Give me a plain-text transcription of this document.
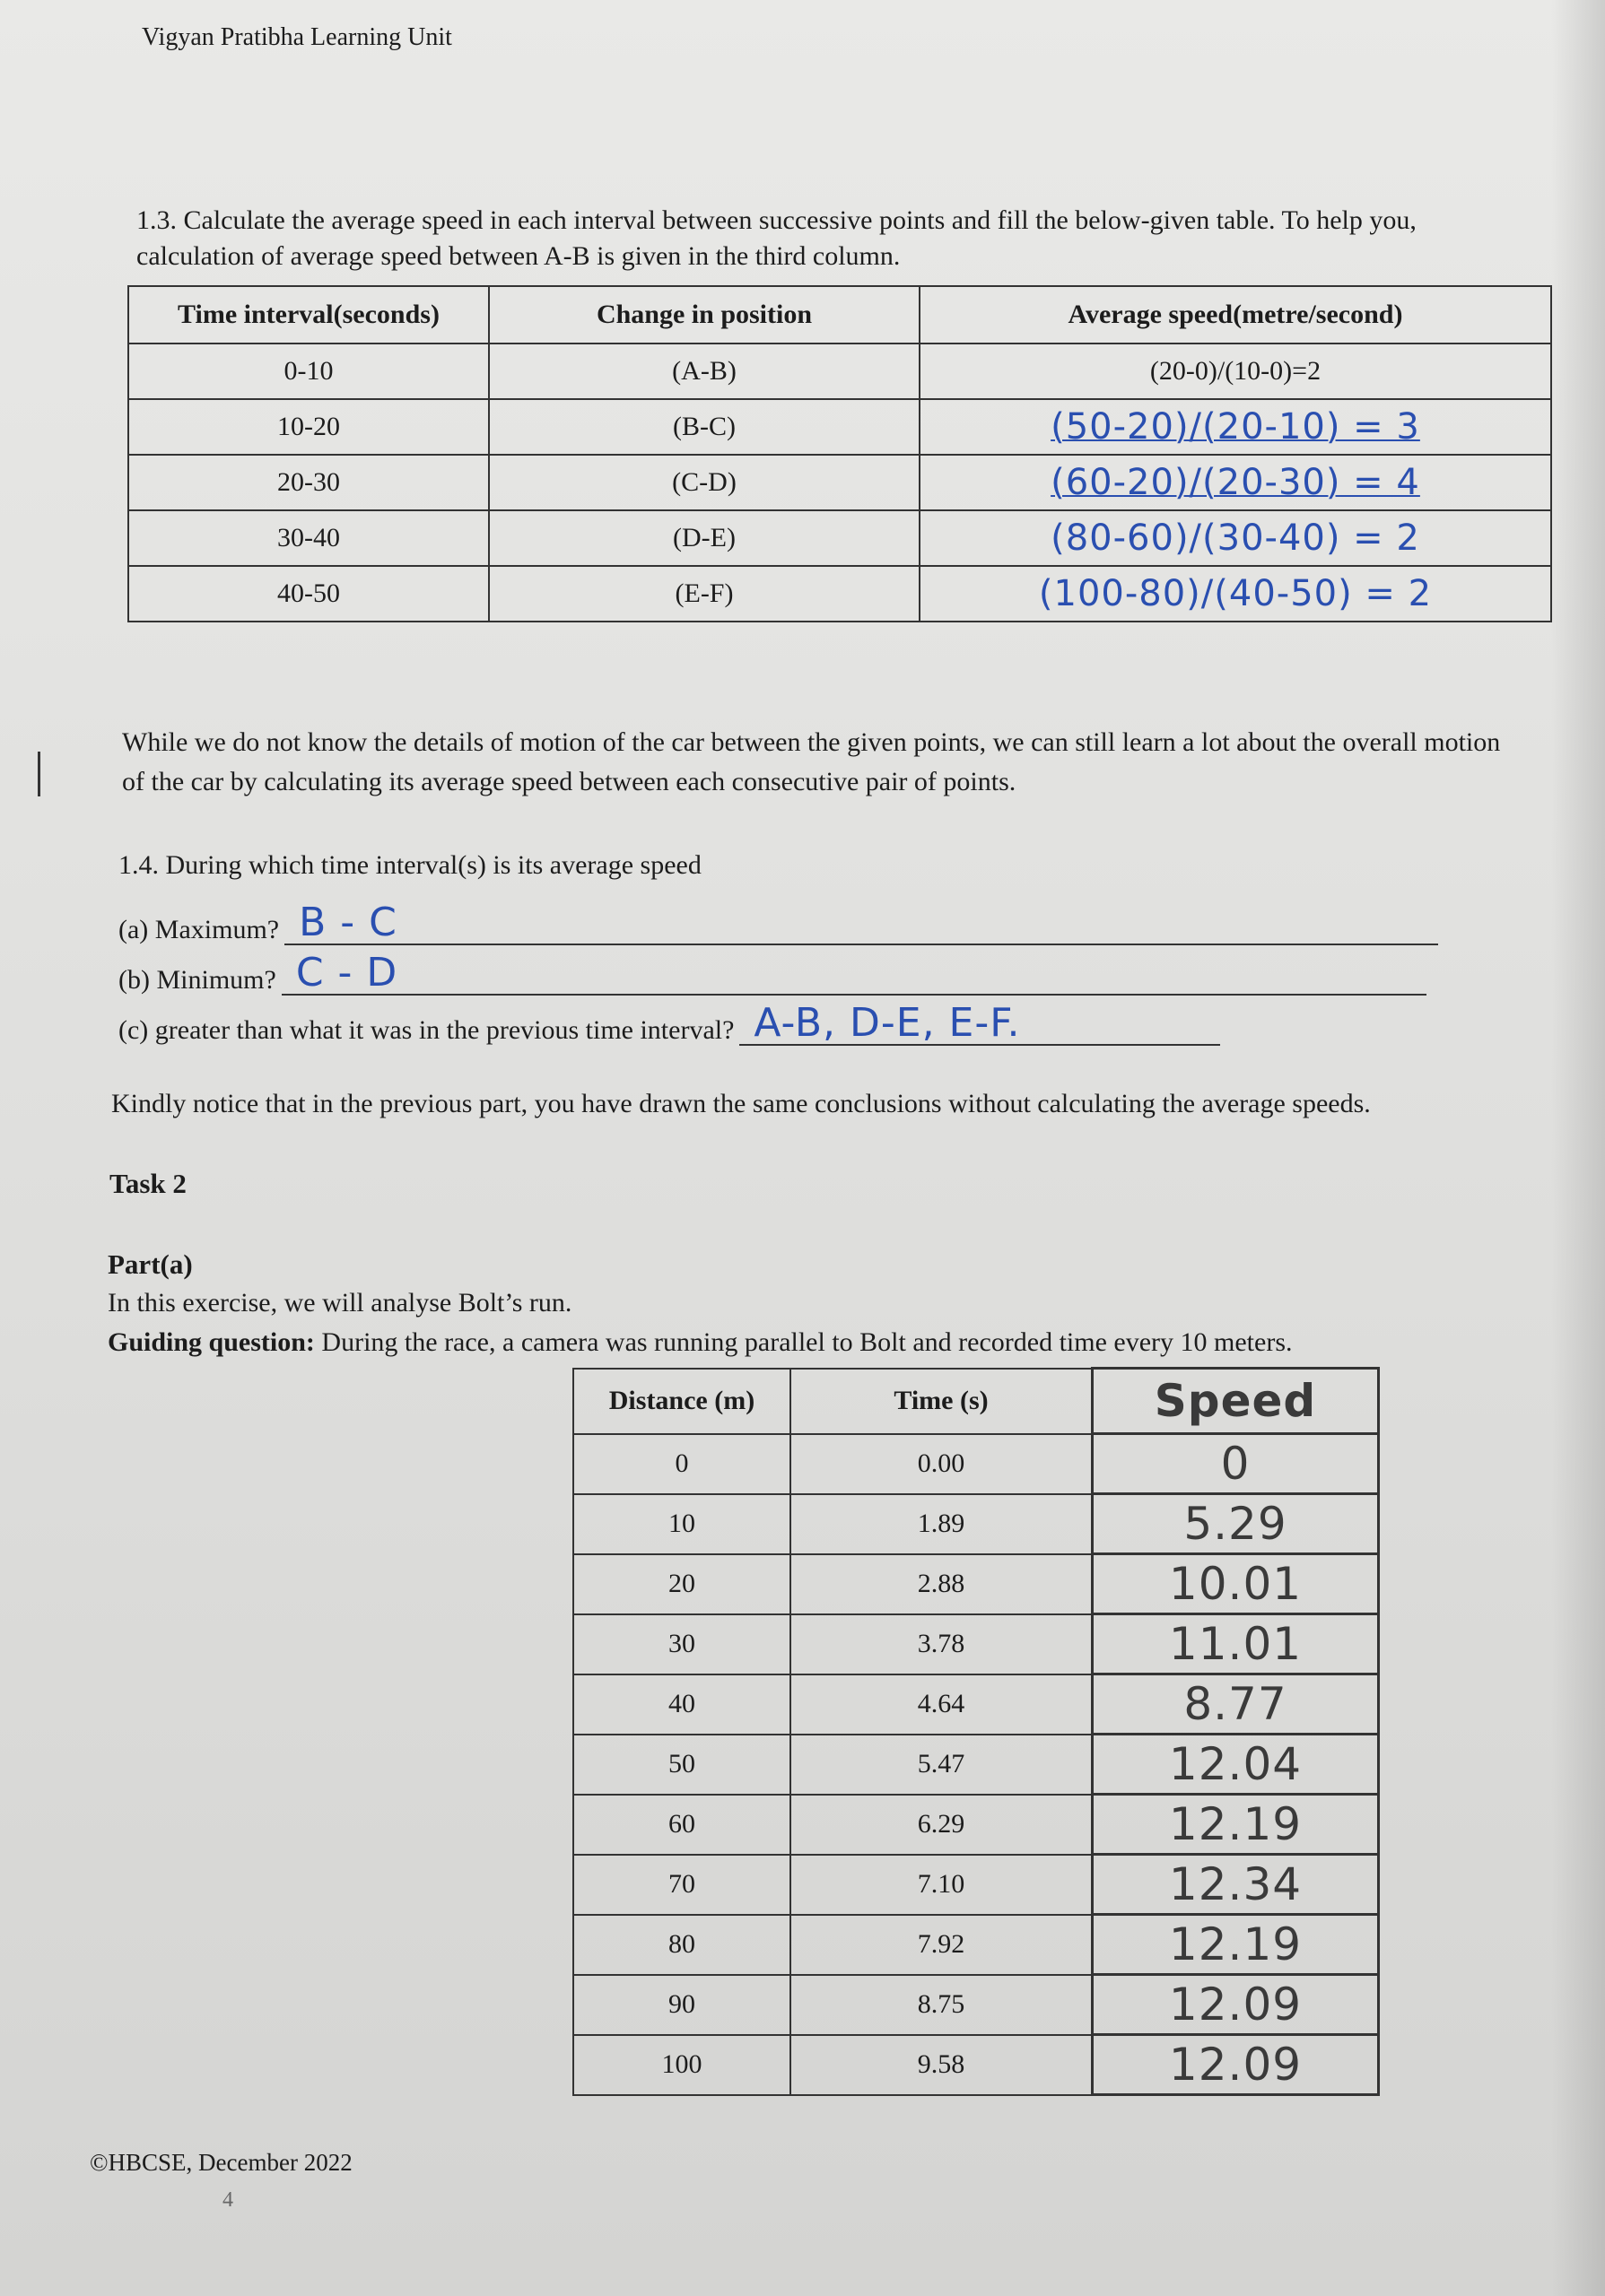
Vigyan Pratibha Learning Unit
1.3. Calculate the average speed in each interval between successive points and fill the below-given table. To help you, calculation of average speed between A-B is given in the third column.
Time interval(seconds)	Change in position	Average speed(metre/second)
0-10	(A-B)	(20-0)/(10-0)=2
10-20	(B-C)	(50-20)/(20-10) = 3
20-30	(C-D)	(60-20)/(20-30) = 4
30-40	(D-E)	(80-60)/(30-40) = 2
40-50	(E-F)	(100-80)/(40-50) = 2
While we do not know the details of motion of the car between the given points, we can still learn a lot about the overall motion of the car by calculating its average speed between each consecutive pair of points.
1.4. During which time interval(s) is its average speed
(a) Maximum? B - C
(b) Minimum? C - D
(c) greater than what it was in the previous time interval? A-B, D-E, E-F.
Kindly notice that in the previous part, you have drawn the same conclusions without calculating the average speeds.
Task 2
Part(a)
In this exercise, we will analyse Bolt’s run.
Guiding question: During the race, a camera was running parallel to Bolt and recorded time every 10 meters.
Distance (m)	Time (s)	Speed
0	0.00	0
10	1.89	5.29
20	2.88	10.01
30	3.78	11.01
40	4.64	8.77
50	5.47	12.04
60	6.29	12.19
70	7.10	12.34
80	7.92	12.19
90	8.75	12.09
100	9.58	12.09
©HBCSE, December 2022
4
